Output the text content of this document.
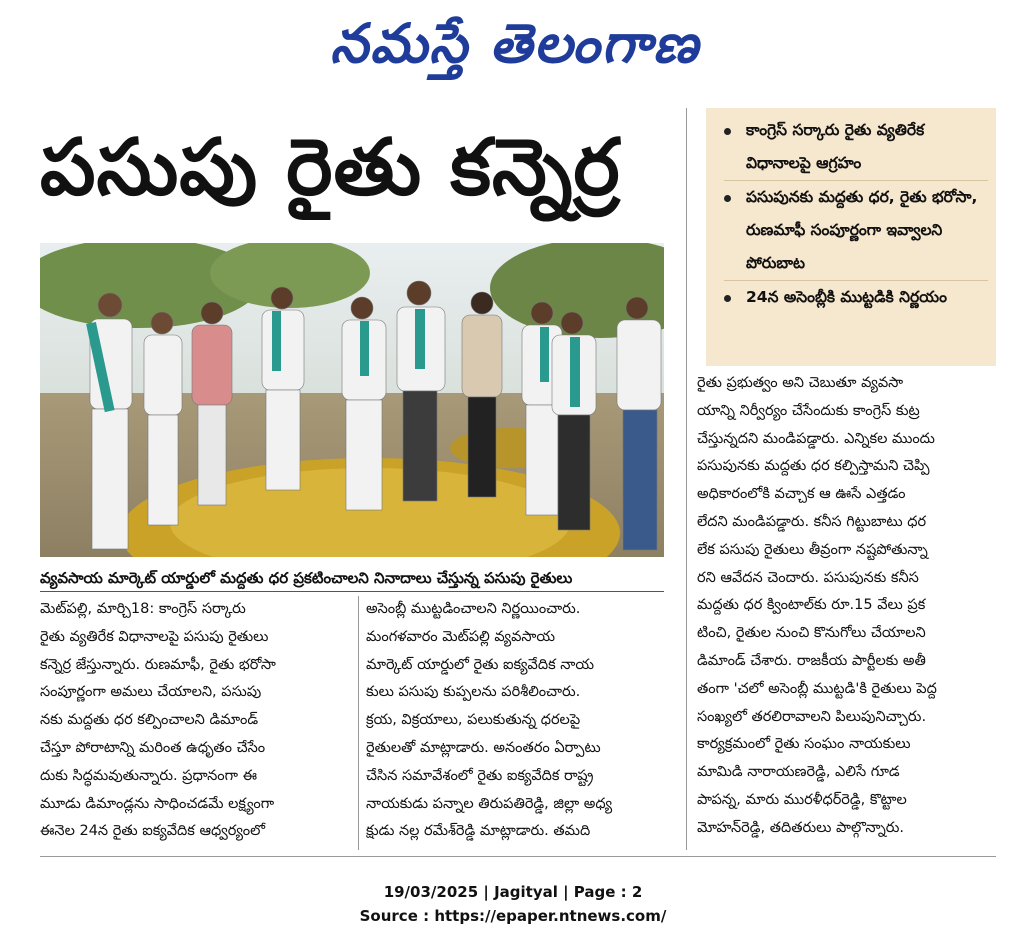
నమస్తే తెలంగాణ
పసుపు రైతు కన్నెర్ర	కాంగ్రెస్ సర్కారు రైతు వ్యతిరేక విధానాలపై ఆగ్రహం
పసుపునకు మద్దతు ధర, రైతు భరోసా, రుణమాఫీ సంపూర్ణంగా ఇవ్వాలని పోరుబాట
24న అసెంబ్లీకి ముట్టడికి నిర్ణయం
వ్యవసాయ మార్కెట్ యార్డులో మద్దతు ధర ప్రకటించాలని నినాదాలు చేస్తున్న పసుపు రైతులు

మెట్‌పల్లి, మార్చి18: కాంగ్రెస్ సర్కారు

రైతు వ్యతిరేక విధానాలపై పసుపు రైతులు

కన్నెర్ర జేస్తున్నారు. రుణమాఫీ, రైతు భరోసా

సంపూర్ణంగా అమలు చేయాలని, పసుపు

నకు మద్దతు ధర కల్పించాలని డిమాండ్

చేస్తూ పోరాటాన్ని మరింత ఉధృతం చేసేం

దుకు సిద్ధమవుతున్నారు. ప్రధానంగా ఈ

మూడు డిమాండ్లను సాధించడమే లక్ష్యంగా

ఈనెల 24న రైతు ఐక్యవేదిక ఆధ్వర్యంలో

అసెంబ్లీ ముట్టడించాలని నిర్ణయించారు.

మంగళవారం మెట్‌పల్లి వ్యవసాయ

మార్కెట్ యార్డులో రైతు ఐక్యవేదిక నాయ

కులు పసుపు కుప్పలను పరిశీలించారు.

క్రయ, విక్రయాలు, పలుకుతున్న ధరలపై

రైతులతో మాట్లాడారు. అనంతరం ఏర్పాటు

చేసిన సమావేశంలో రైతు ఐక్యవేదిక రాష్ట్ర

నాయకుడు పన్నాల తిరుపతిరెడ్డి, జిల్లా అధ్య

క్షుడు నల్ల రమేశ్‌రెడ్డి మాట్లాడారు. తమది

రైతు ప్రభుత్వం అని చెబుతూ వ్యవసా

యాన్ని నిర్వీర్యం చేసేందుకు కాంగ్రెస్ కుట్ర

చేస్తున్నదని మండిపడ్డారు. ఎన్నికల ముందు

పసుపునకు మద్దతు ధర కల్పిస్తామని చెప్పి

అధికారంలోకి వచ్చాక ఆ ఊసే ఎత్తడం

లేదని మండిపడ్డారు. కనీస గిట్టుబాటు ధర

లేక పసుపు రైతులు తీవ్రంగా నష్టపోతున్నా

రని ఆవేదన చెందారు. పసుపునకు కనీస

మద్దతు ధర క్వింటాల్‌కు రూ.15 వేలు ప్రక

టించి, రైతుల నుంచి కొనుగోలు చేయాలని

డిమాండ్ చేశారు. రాజకీయ పార్టీలకు అతీ

తంగా 'చలో అసెంబ్లీ ముట్టడి'కి రైతులు పెద్ద

సంఖ్యలో తరలిరావాలని పిలుపునిచ్చారు.

కార్యక్రమంలో రైతు సంఘం నాయకులు

మామిడి నారాయణరెడ్డి, ఎలిసే గూడ

పాపన్న, మారు మురళీధర్‌రెడ్డి, కొట్టాల

మోహన్‌రెడ్డి, తదితరులు పాల్గొన్నారు.

19/03/2025 | Jagityal | Page : 2
Source : https://epaper.ntnews.com/
